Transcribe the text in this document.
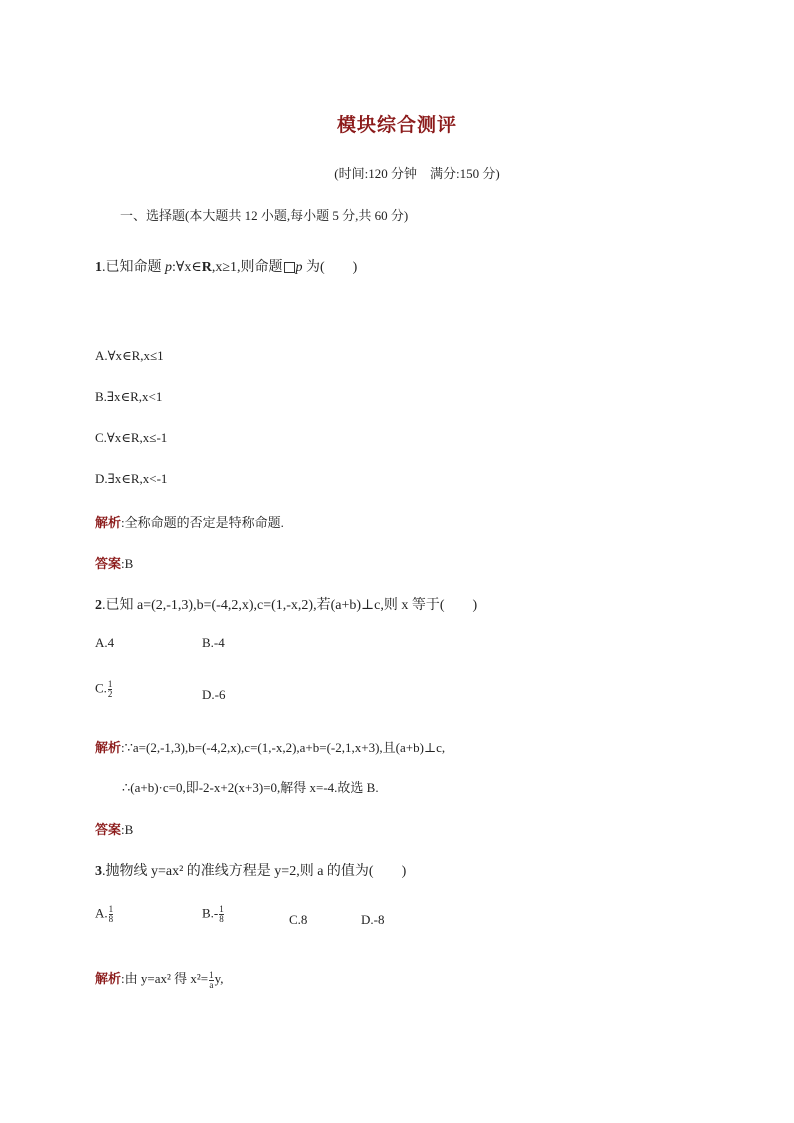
模块综合测评
(时间:120 分钟　满分:150 分)
一、选择题(本大题共 12 小题,每小题 5 分,共 60 分)
1.已知命题 p:∀x∈R,x≥1,则命题 p 为(　　)
A.∀x∈R,x≤1
B.∃x∈R,x<1
C.∀x∈R,x≤-1
D.∃x∈R,x<-1
解析:全称命题的否定是特称命题.
答案:B
2.已知 a=(2,-1,3),b=(-4,2,x),c=(1,-x,2),若(a+b)⊥c,则 x 等于(　　)
A.4	B.-4
C. $\frac{1}{2}$	D.-6
解析:∵a=(2,-1,3),b=(-4,2,x),c=(1,-x,2),a+b=(-2,1,x+3),且(a+b)⊥c,
∴(a+b)·c=0,即-2-x+2(x+3)=0,解得 x=-4.故选 B.
答案:B
3.抛物线 y=ax² 的准线方程是 y=2,则 a 的值为(　　)
A. $\frac{1}{8}$	$B.- \frac{1}{8}$	C.8	D.-8
解析:由 y=ax² 得 $x^2= \frac{1}{a} y$,
